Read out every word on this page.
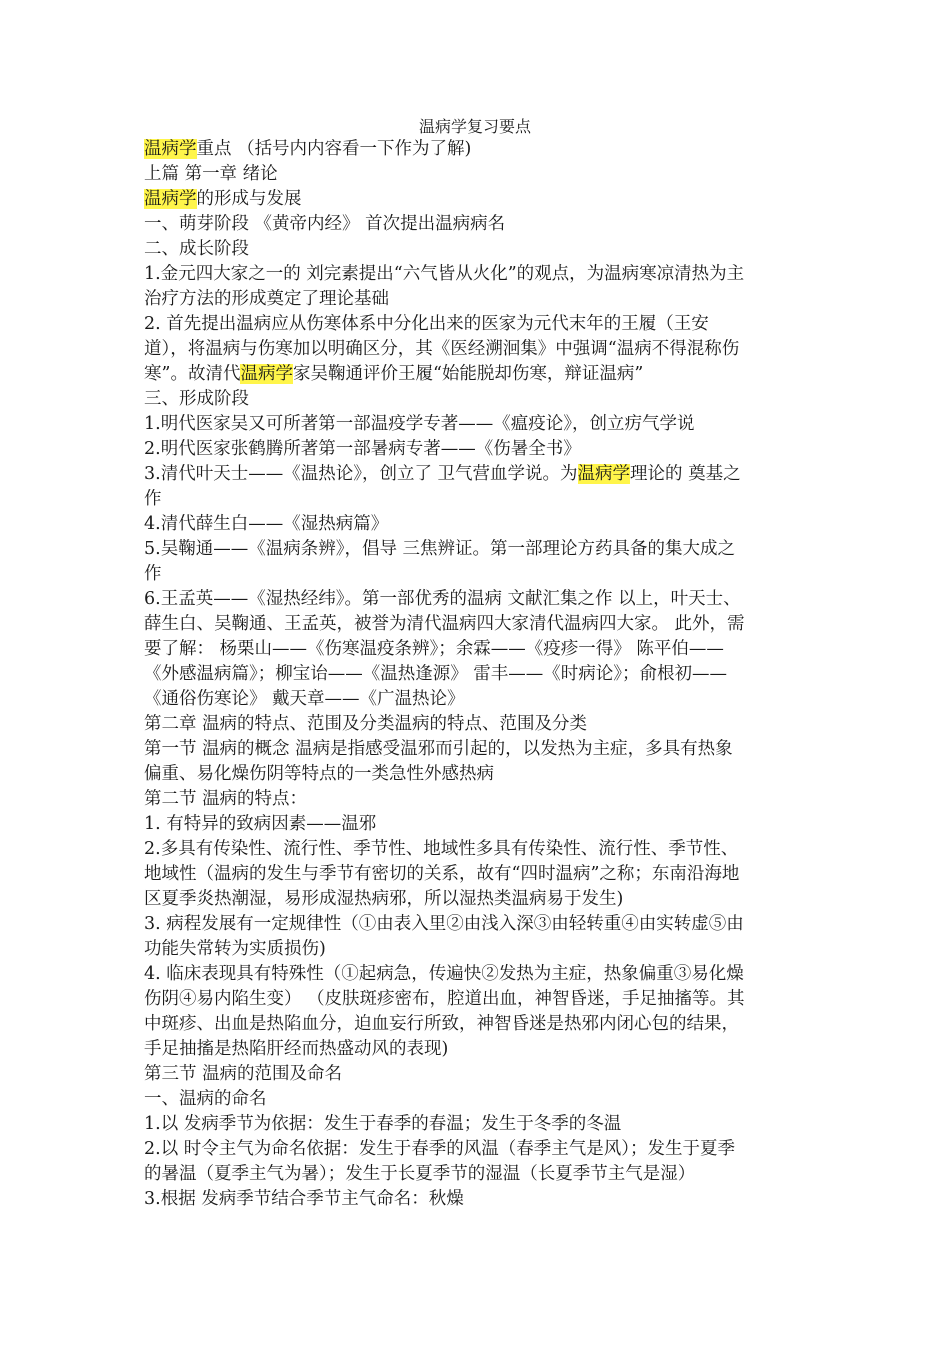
温病学复习要点
温病学重点 （括号内内容看一下作为了解)
上篇 第一章 绪论
温病学的形成与发展
一、萌芽阶段 《黄帝内经》 首次提出温病病名
二、成长阶段
1.金元四大家之一的 刘完素提出“六气皆从火化”的观点，为温病寒凉清热为主
治疗方法的形成奠定了理论基础
2. 首先提出温病应从伤寒体系中分化出来的医家为元代末年的王履（王安
道），将温病与伤寒加以明确区分，其《医经溯洄集》中强调“温病不得混称伤
寒”。故清代温病学家吴鞠通评价王履“始能脱却伤寒，辩证温病”
三、形成阶段
1.明代医家吴又可所著第一部温疫学专著——《瘟疫论》，创立疠气学说
2.明代医家张鹤腾所著第一部暑病专著——《伤暑全书》
3.清代叶天士——《温热论》，创立了 卫气营血学说。为温病学理论的 奠基之
作
4.清代薛生白——《湿热病篇》
5.吴鞠通——《温病条辨》，倡导 三焦辨证。第一部理论方药具备的集大成之
作
6.王孟英——《湿热经纬》。第一部优秀的温病 文献汇集之作 以上，叶天士、
薛生白、吴鞠通、王孟英，被誉为清代温病四大家清代温病四大家。 此外，需
要了解： 杨栗山——《伤寒温疫条辨》；余霖——《疫疹一得》 陈平伯——
《外感温病篇》；柳宝诒——《温热逢源》 雷丰——《时病论》；俞根初——
《通俗伤寒论》 戴天章——《广温热论》
第二章 温病的特点、范围及分类温病的特点、范围及分类
第一节 温病的概念 温病是指感受温邪而引起的，以发热为主症，多具有热象
偏重、易化燥伤阴等特点的一类急性外感热病
第二节 温病的特点：
1. 有特异的致病因素——温邪
2.多具有传染性、流行性、季节性、地域性多具有传染性、流行性、季节性、
地域性（温病的发生与季节有密切的关系，故有“四时温病”之称；东南沿海地
区夏季炎热潮湿，易形成湿热病邪，所以湿热类温病易于发生)
3. 病程发展有一定规律性（①由表入里②由浅入深③由轻转重④由实转虚⑤由
功能失常转为实质损伤)
4. 临床表现具有特殊性（①起病急，传遍快②发热为主症，热象偏重③易化燥
伤阴④易内陷生变） （皮肤斑疹密布，腔道出血，神智昏迷，手足抽搐等。其
中斑疹、出血是热陷血分，迫血妄行所致，神智昏迷是热邪内闭心包的结果，
手足抽搐是热陷肝经而热盛动风的表现)
第三节 温病的范围及命名
一、温病的命名
1.以 发病季节为依据：发生于春季的春温；发生于冬季的冬温
2.以 时令主气为命名依据：发生于春季的风温（春季主气是风）；发生于夏季
的暑温（夏季主气为暑）；发生于长夏季节的湿温（长夏季节主气是湿）
3.根据 发病季节结合季节主气命名：秋燥
